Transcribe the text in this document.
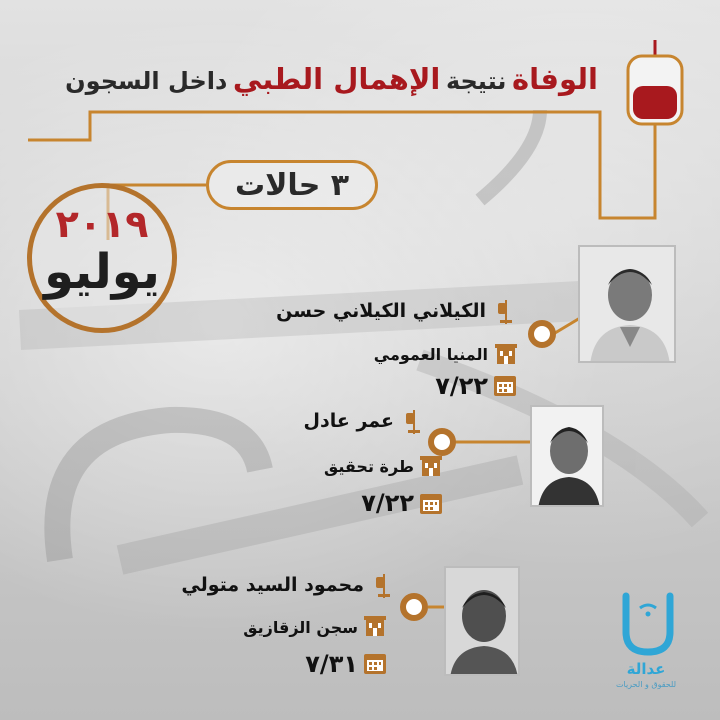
الوفاة نتيجة الإهمال الطبي داخل السجون
٣ حالات
٢٠١٩
يوليو
الكيلاني الكيلاني حسن
المنيا العمومي
٧/٢٢
عمر عادل
طرة تحقيق
٧/٢٢
محمود السيد متولي
سجن الزقازيق
٧/٣١	عدالة
للحقوق و الحريات
